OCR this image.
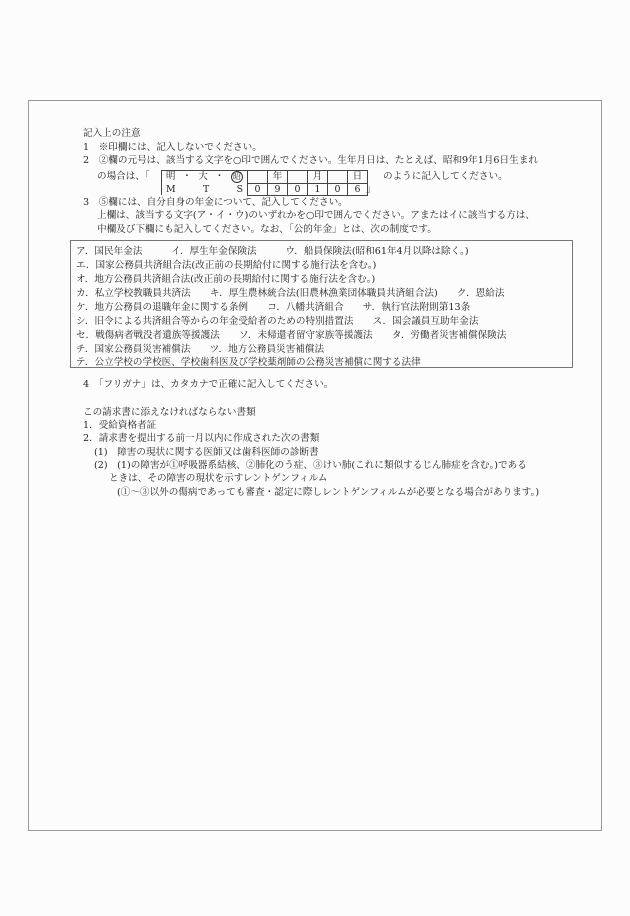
記入上の注意
1　※印欄には、記入しないでください。
2　②欄の元号は、該当する文字を○印で囲んでください。生年月日は、たとえば、昭和9年1月6日生まれ
の場合は、「	のように記入してください。
」
明 ・ 大 ・ 昭		年		月		日

M T S	0	9	0	1	0	6
3　⑤欄には、自分自身の年金について、記入してください。
上欄は、該当する文字(ア・イ・ウ)のいずれかを○印で囲んでください。アまたはイに該当する方は、
中欄及び下欄にも記入してください。なお、「公的年金」とは、次の制度です。
ア．国民年金法　　　イ．厚生年金保険法　　　ウ．船員保険法(昭和61年4月以降は除く。)
エ．国家公務員共済組合法(改正前の長期給付に関する施行法を含む。)
オ．地方公務員共済組合法(改正前の長期給付に関する施行法を含む。)
カ．私立学校教職員共済法　　キ．厚生農林統合法(旧農林漁業団体職員共済組合法)　　ク．恩給法
ケ．地方公務員の退職年金に関する条例　　コ．八幡共済組合　　サ．執行官法附則第13条
シ．旧令による共済組合等からの年金受給者のための特別措置法　　ス．国会議員互助年金法
セ．戦傷病者戦没者遺族等援護法　　ソ．未帰還者留守家族等援護法　　タ．労働者災害補償保険法
チ．国家公務員災害補償法　　ツ．地方公務員災害補償法
テ．公立学校の学校医、学校歯科医及び学校薬剤師の公務災害補償に関する法律
4　「フリガナ」は、カタカナで正確に記入してください。
この請求書に添えなければならない書類
1．受給資格者証
2．請求書を提出する前一月以内に作成された次の書類
(1)　障害の現状に関する医師又は歯科医師の診断書
(2)　(1)の障害が①呼吸器系結核、②肺化のう症、③けい肺(これに類似するじん肺症を含む。)である
ときは、その障害の現状を示すレントゲンフィルム
(①〜③以外の傷病であっても審査・認定に際しレントゲンフィルムが必要となる場合があります。)
